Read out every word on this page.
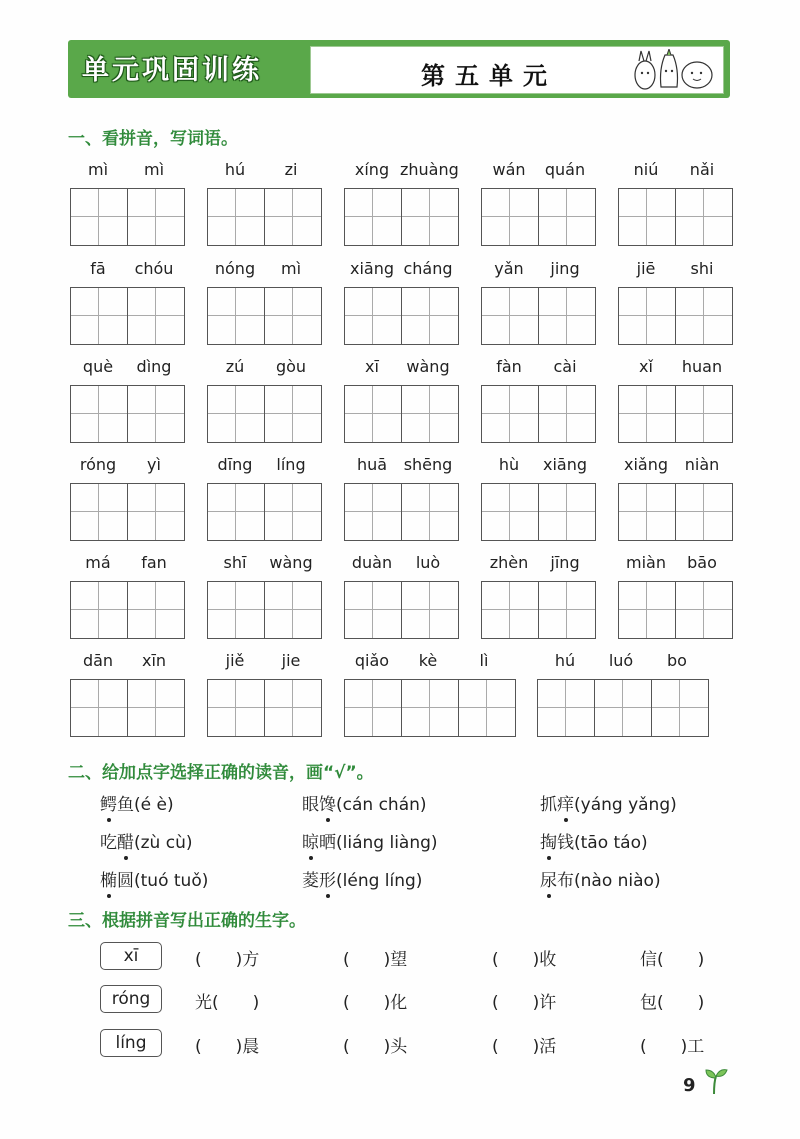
单元巩固训练	第五单元
一、看拼音，写词语。
mì	mì	hú	zi	xíng zhuàng	wán	quán	niú	nǎi
fā	chóu	nóng	mì	xiāng cháng	yǎn	jing	jiē	shi
què	dìng	zú	gòu	xī	wàng	fàn	cài	xǐ	huan
róng	yì	dīng	líng	huā	shēng	hù	xiāng	xiǎng	niàn
má	fan	shī	wàng	duàn	luò	zhèn	jīng	miàn	bāo
dān	xīn	jiě	jie	qiǎo	kè	lì	hú	luó	bo
二、给加点字选择正确的读音，画“√”。
鳄鱼(é è)	眼馋(cán chán)	抓痒(yáng yǎng)
吃醋(zù cù)	晾晒(liáng liàng)	掏钱(tāo táo)
椭圆(tuó tuǒ)	菱形(léng líng)	尿布(nào niào)
三、根据拼音写出正确的生字。
xī	(　　)方	(　　)望	(　　)收	信(　　)
róng	光(　　)	(　　)化	(　　)许	包(　　)
líng	(　　)晨	(　　)头	(　　)活	(　　)工
9
